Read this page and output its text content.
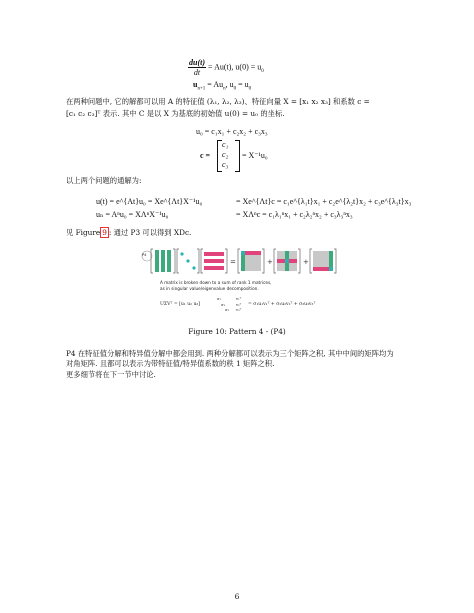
$\frac{du(t)}{dt} = Au(t)$, $u(0) = u_0$
$u_{n+1} = Au_n$, $u_0 = u_0$
在两种问题中, 它的解都可以用 A 的特征值 (λ₁, λ₂, λ₃)、特征向量 X = [x₁ x₂ x₃] 和系数 c =
[c₁ c₂ c₃]ᵀ 表示. 其中 C 是以 X 为基底的初始值 u(0) = u₀ 的坐标.
u₀ = c₁x₁ + c₂x₂ + c₃x₃
c =
c₁
c₂
c₃
= X⁻¹u₀
以上两个问题的通解为:
u(t) = e^{At}u₀ = Xe^{Λt}X⁻¹u₀	= Xe^{Λt}c = c₁e^{λ₁t}x₁ + c₂e^{λ₂t}x₂ + c₃e^{λ₃t}x₃
uₙ = Aⁿu₀ = XΛⁿX⁻¹u₀	= XΛⁿc = c₁λ₁ⁿx₁ + c₂λ₂ⁿx₂ + c₃λ₃ⁿx₃
见 Figure 9 : 通过 P3 可以得到 XDc.
=	+	+
P4
A matrix is broken down to a sum of rank 1 matrices,
as in singular value/eigenvalue decomposition.
UΣVᵀ = [u₁ u₂ u₃]
σ₁
σ₂
σ₃
v₁ᵀ
v₂ᵀ
v₃ᵀ
= σ₁u₁v₁ᵀ + σ₂u₂v₂ᵀ + σ₃u₃v₃ᵀ
Figure 10: Pattern 4 - (P4)
P4 在特征值分解和特异值分解中都会用到. 两种分解都可以表示为三个矩阵之积, 其中中间的矩阵均为
对角矩阵. 且都可以表示为带特征值/特异值系数的秩 1 矩阵之积.
更多细节将在下一节中讨论.
6
